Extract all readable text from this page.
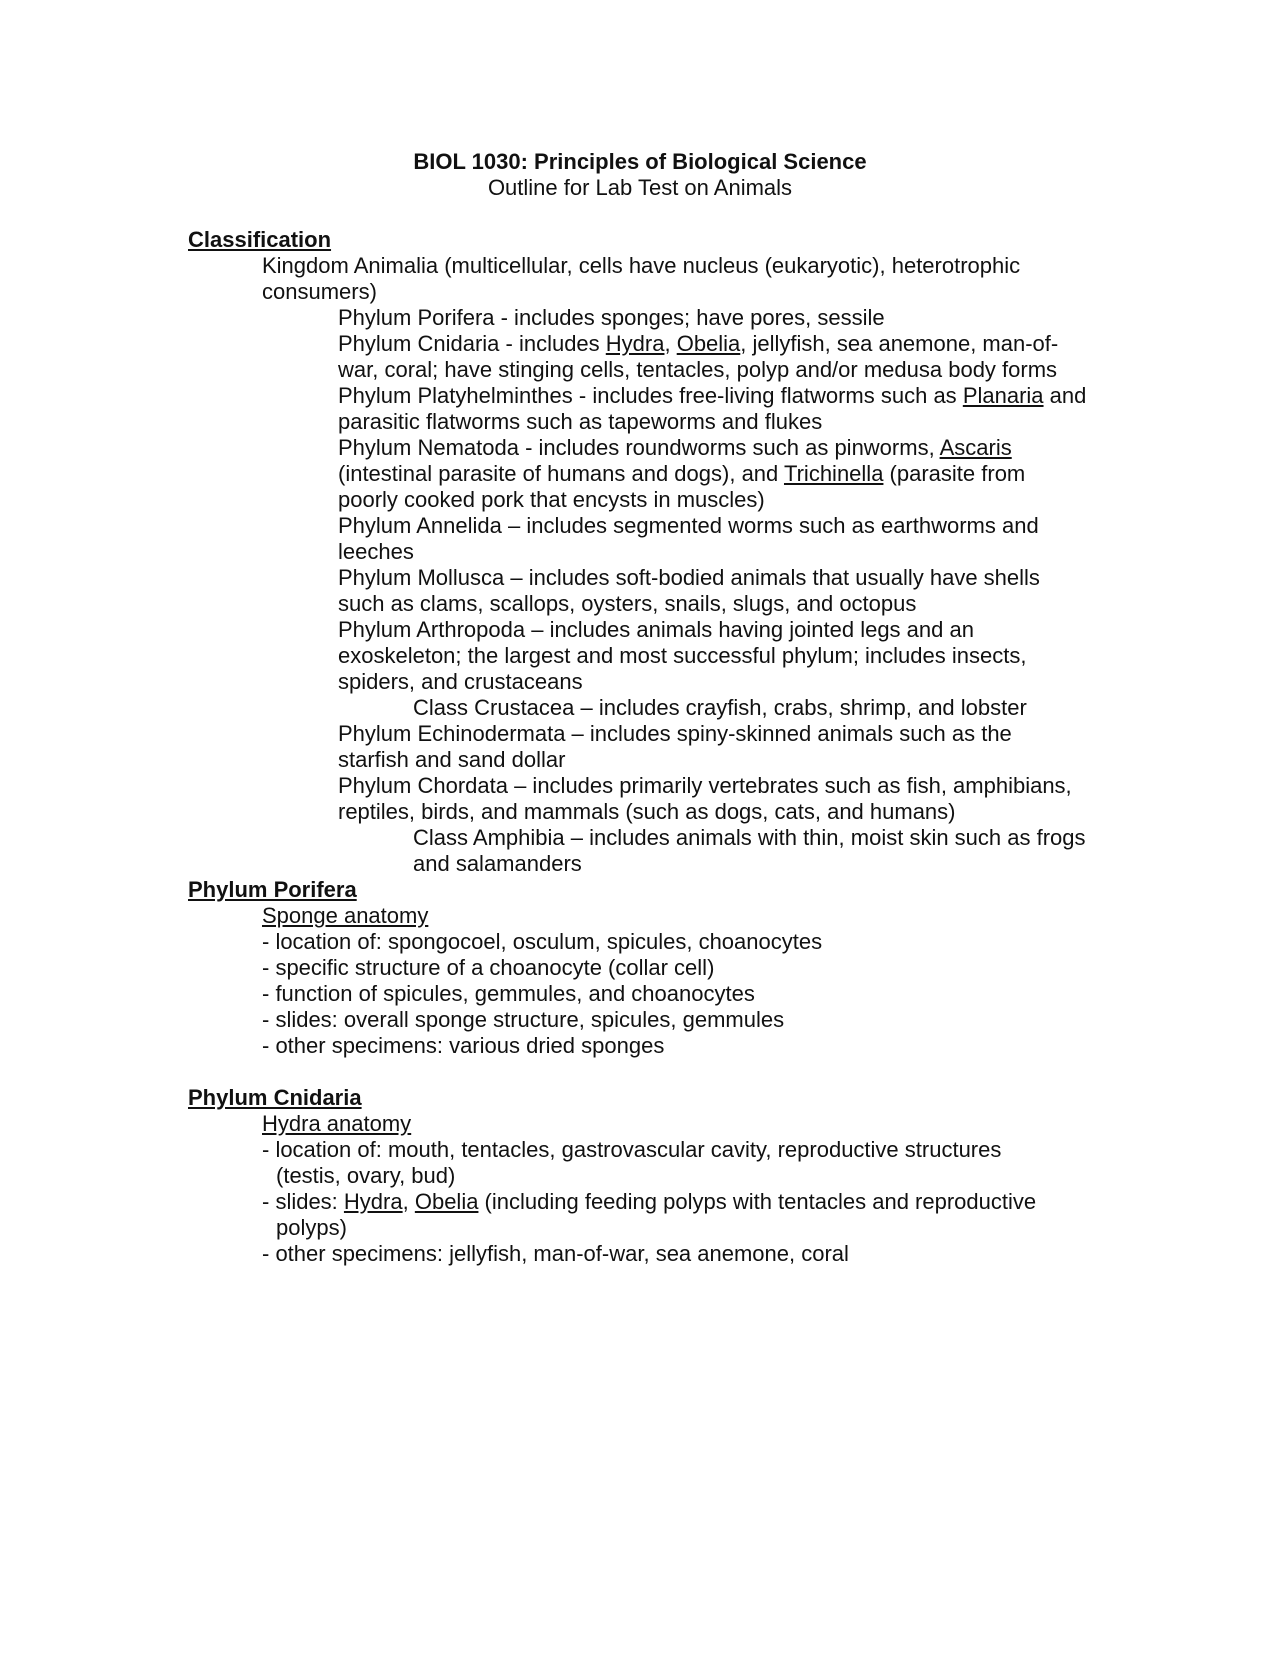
BIOL 1030: Principles of Biological Science
Outline for Lab Test on Animals
Classification
Kingdom Animalia (multicellular, cells have nucleus (eukaryotic), heterotrophic consumers)
Phylum Porifera - includes sponges; have pores, sessile
Phylum Cnidaria - includes Hydra, Obelia, jellyfish, sea anemone, man-of-war, coral; have stinging cells, tentacles, polyp and/or medusa body forms
Phylum Platyhelminthes - includes free-living flatworms such as Planaria and parasitic flatworms such as tapeworms and flukes
Phylum Nematoda - includes roundworms such as pinworms, Ascaris (intestinal parasite of humans and dogs), and Trichinella (parasite from poorly cooked pork that encysts in muscles)
Phylum Annelida – includes segmented worms such as earthworms and leeches
Phylum Mollusca – includes soft-bodied animals that usually have shells such as clams, scallops, oysters, snails, slugs, and octopus
Phylum Arthropoda – includes animals having jointed legs and an exoskeleton; the largest and most successful phylum; includes insects, spiders, and crustaceans
Class Crustacea – includes crayfish, crabs, shrimp, and lobster
Phylum Echinodermata – includes spiny-skinned animals such as the starfish and sand dollar
Phylum Chordata – includes primarily vertebrates such as fish, amphibians, reptiles, birds, and mammals (such as dogs, cats, and humans)
Class Amphibia – includes animals with thin, moist skin such as frogs and salamanders
Phylum Porifera
Sponge anatomy
- location of: spongocoel, osculum, spicules, choanocytes
- specific structure of a choanocyte (collar cell)
- function of spicules, gemmules, and choanocytes
- slides: overall sponge structure, spicules, gemmules
- other specimens: various dried sponges
Phylum Cnidaria
Hydra anatomy
- location of: mouth, tentacles, gastrovascular cavity, reproductive structures
(testis, ovary, bud)
- slides: Hydra, Obelia (including feeding polyps with tentacles and reproductive
polyps)
- other specimens: jellyfish, man-of-war, sea anemone, coral
